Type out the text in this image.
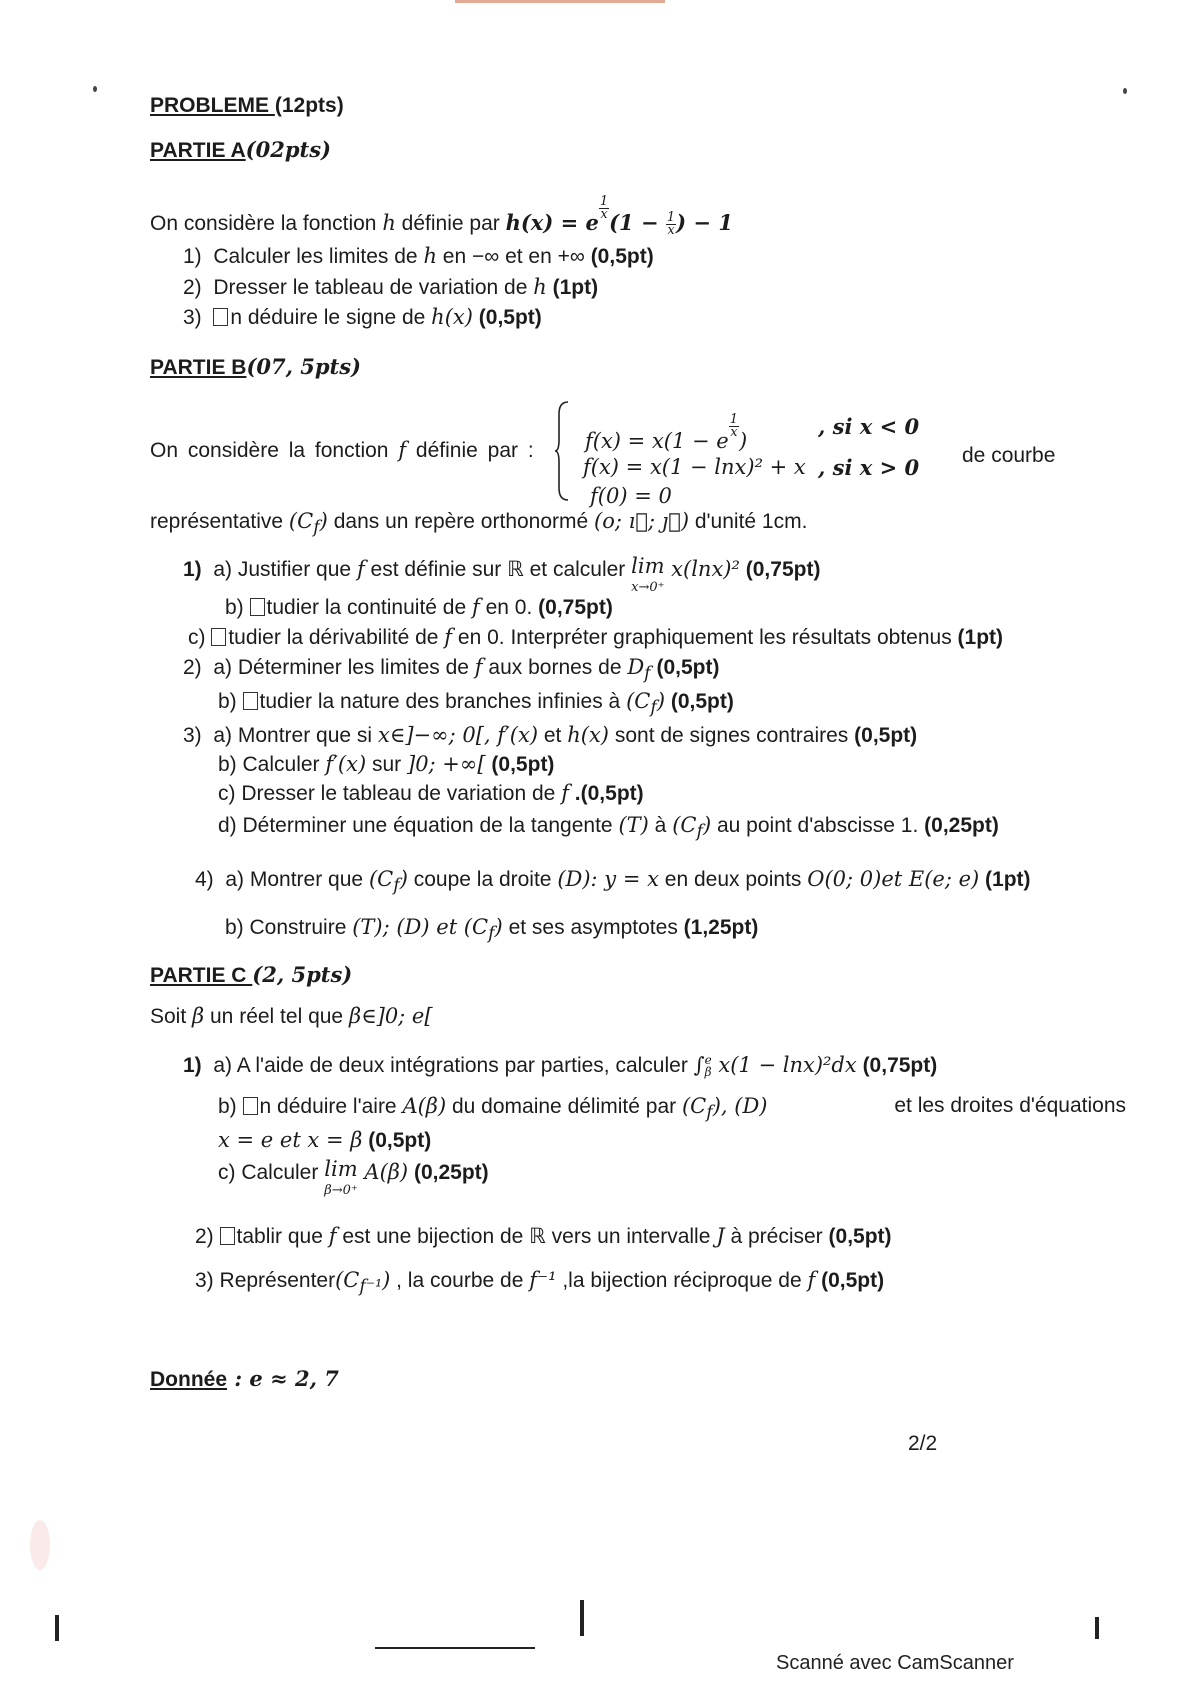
PROBLEME (12pts)
PARTIE A(02pts)
On considère la fonction h définie par h(x) = e
$\frac{1}{x}$
($1 - \frac{1}{x}$ ) − 1
1) Calculer les limites de h en −∞ et en +∞ (0,5pt)
2) Dresser le tableau de variation de h (1pt)
3) n déduire le signe de h(x) (0,5pt)
PARTIE B(07, 5pts)
On considère la fonction f définie par : f(x) = x(1 − e
$\frac{1}{x}$
)
, si x < 0
f(x) = x(1 − lnx)² + x , si x > 0
f(0) = 0
de courbe
représentative $(C_f)$ dans un repère orthonormé (o; ı⃗; ȷ⃗) d'unité 1cm.
1) a) Justifier que f est définie sur ℝ et calculer lim
x→0⁺ x(lnx)² (0,75pt)
b) tudier la continuité de f en 0. (0,75pt)
c) tudier la dérivabilité de f en 0. Interpréter graphiquement les résultats obtenus (1pt)
2) a) Déterminer les limites de f aux bornes de $D_f$ (0,5pt)
b) tudier la nature des branches infinies à $(C_f)$ (0,5pt)
3) a) Montrer que si x∈]−∞; 0[, f′(x) et h(x) sont de signes contraires (0,5pt)
b) Calculer f′(x) sur ]0; +∞[ (0,5pt)
c) Dresser le tableau de variation de f .(0,5pt)
d) Déterminer une équation de la tangente (T) à $(C_f)$ au point d'abscisse 1. (0,25pt)
4) a) Montrer que $(C_f)$ coupe la droite (D): y = x en deux points O(0; 0)et E(e; e) (1pt)
b) Construire (T); (D) et $(C_f)$ et ses asymptotes (1,25pt)
PARTIE C (2, 5pts)
Soit β un réel tel que β∈]0; e[
1) a) A l'aide de deux intégrations par parties, calculer ∫e
β x(1 − lnx)²dx (0,75pt)
b) n déduire l'aire A(β) du domaine délimité par $(C_f)$, (D)	et les droites d'équations
x = e et x = β (0,5pt)
c) Calculer lim
β→0⁺ A(β) (0,25pt)
2) tablir que f est une bijection de ℝ vers un intervalle J à préciser (0,5pt)
3) $Représenter(C_{f^{-1}})$ , la courbe de f⁻¹ ,la bijection réciproque de f (0,5pt)
Donnée : e ≈ 2, 7
2/2
Scanné avec CamScanner
